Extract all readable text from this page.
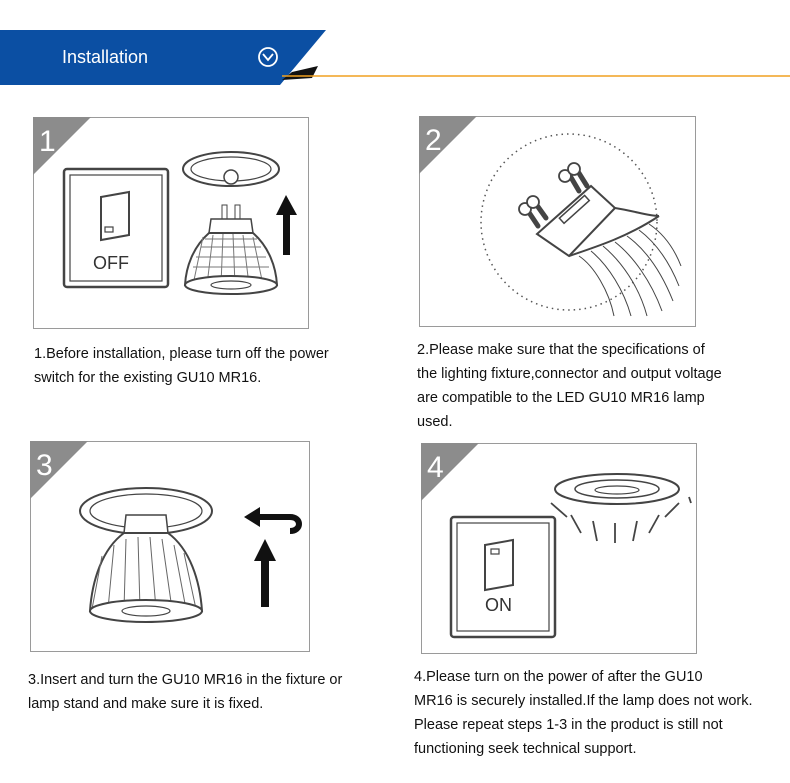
Installation
1
OFF
1.Before installation, please turn off the power
switch for the existing GU10 MR16.
2
2.Please make sure that the specifications of
the lighting fixture,connector and output voltage
are compatible to the LED GU10 MR16 lamp
used.
3
3.Insert and turn the GU10 MR16 in the fixture or
lamp stand and make sure it is fixed.
4
ON
4.Please turn on the power of after the GU10
MR16 is securely installed.If the lamp does not work.
Please repeat steps 1-3 in the product is still not
functioning seek technical support.
